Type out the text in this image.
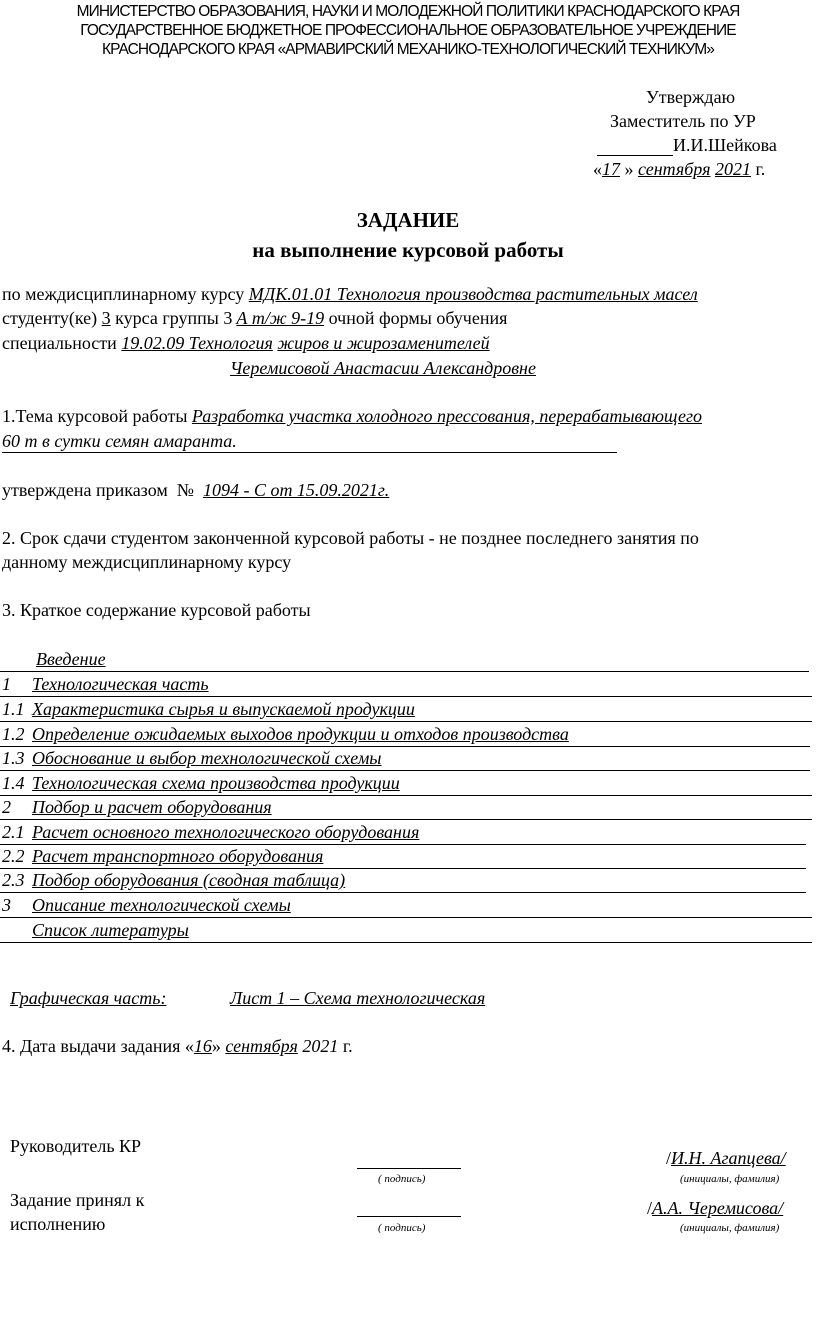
МИНИСТЕРСТВО ОБРАЗОВАНИЯ, НАУКИ И МОЛОДЕЖНОЙ ПОЛИТИКИ КРАСНОДАРСКОГО КРАЯ
ГОСУДАРСТВЕННОЕ БЮДЖЕТНОЕ ПРОФЕССИОНАЛЬНОЕ ОБРАЗОВАТЕЛЬНОЕ УЧРЕЖДЕНИЕ
КРАСНОДАРСКОГО КРАЯ «АРМАВИРСКИЙ МЕХАНИКО-ТЕХНОЛОГИЧЕСКИЙ ТЕХНИКУМ»
Утверждаю
Заместитель по УР
И.И.Шейкова
«17 » сентября 2021 г.
ЗАДАНИЕ
на выполнение курсовой работы
по междисциплинарному курсу МДК.01.01 Технология производства растительных масел
студенту(ке) 3 курса группы 3 А т/ж 9-19 очной формы обучения
специальности 19.02.09 Технология жиров и жирозаменителей
Черемисовой Анастасии Александровне
1.Тема курсовой работы Разработка участка холодного прессования, перерабатывающего
60 т в сутки семян амаранта.
утверждена приказом № 1094 - С от 15.09.2021г.
2. Срок сдачи студентом законченной курсовой работы - не позднее последнего занятия по
данному междисциплинарному курсу
3. Краткое содержание курсовой работы
Введение
1 Технологическая часть
1.1 Характеристика сырья и выпускаемой продукции
1.2 Определение ожидаемых выходов продукции и отходов производства
1.3 Обоснование и выбор технологической схемы
1.4 Технологическая схема производства продукции
2 Подбор и расчет оборудования
2.1 Расчет основного технологического оборудования
2.2 Расчет транспортного оборудования
2.3 Подбор оборудования (сводная таблица)
3 Описание технологической схемы
Список литературы
Графическая часть:	Лист 1 – Схема технологическая
4. Дата выдачи задания «16» сентября 2021 г.
Руководитель КР
( подпись)
/И.Н. Агапцева/
(инициалы, фамилия)
Задание принял к
исполнению	( подпись)
/А.А. Черемисова/
(инициалы, фамилия)
